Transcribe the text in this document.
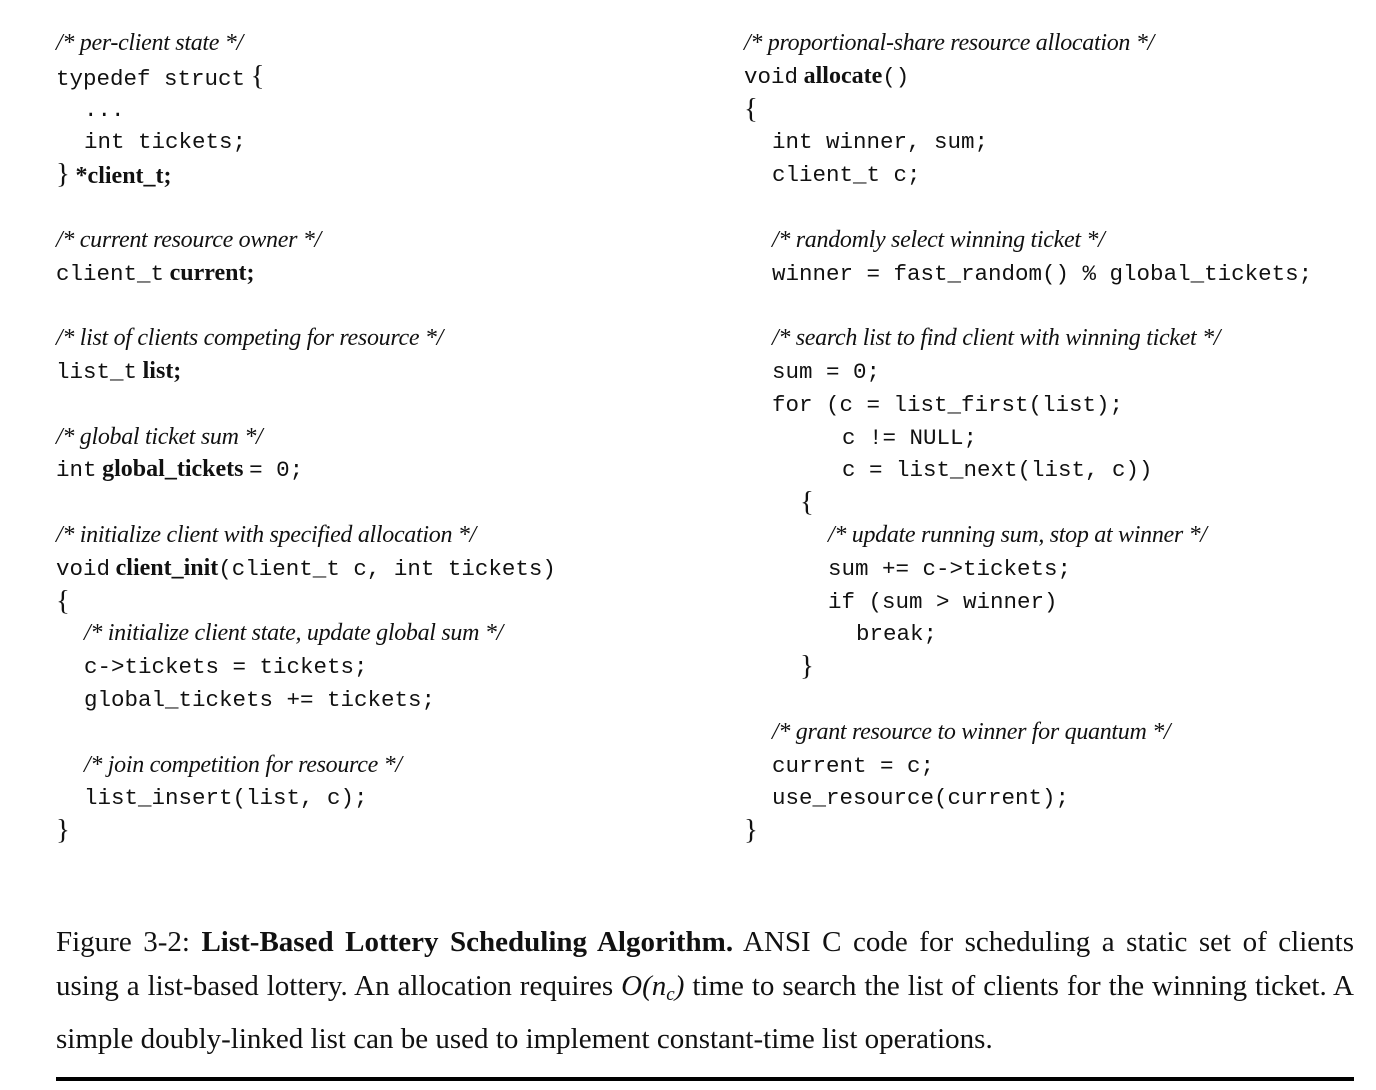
/* per-client state */
typedef struct {
...
int tickets;
} *client_t;
/* current resource owner */
client_t current;
/* list of clients competing for resource */
list_t list;
/* global ticket sum */
int global_tickets = 0;
/* initialize client with specified allocation */
void client_init(client_t c, int tickets)
{
/* initialize client state, update global sum */
c->tickets = tickets;
global_tickets += tickets;
/* join competition for resource */
list_insert(list, c);
}
/* proportional-share resource allocation */
void allocate()
{
int winner, sum;
client_t c;
/* randomly select winning ticket */
winner = fast_random() % global_tickets;
/* search list to find client with winning ticket */
sum = 0;
for (c = list_first(list);
c != NULL;
c = list_next(list, c))
{
/* update running sum, stop at winner */
sum += c->tickets;
if (sum > winner)
break;
}
/* grant resource to winner for quantum */
current = c;
use_resource(current);
}
Figure 3-2: List-Based Lottery Scheduling Algorithm. ANSI C code for scheduling a static set of clients using a list-based lottery. An allocation requires $O(n_c)$ time to search the list of clients for the winning ticket. A simple doubly-linked list can be used to implement constant-time list operations.
